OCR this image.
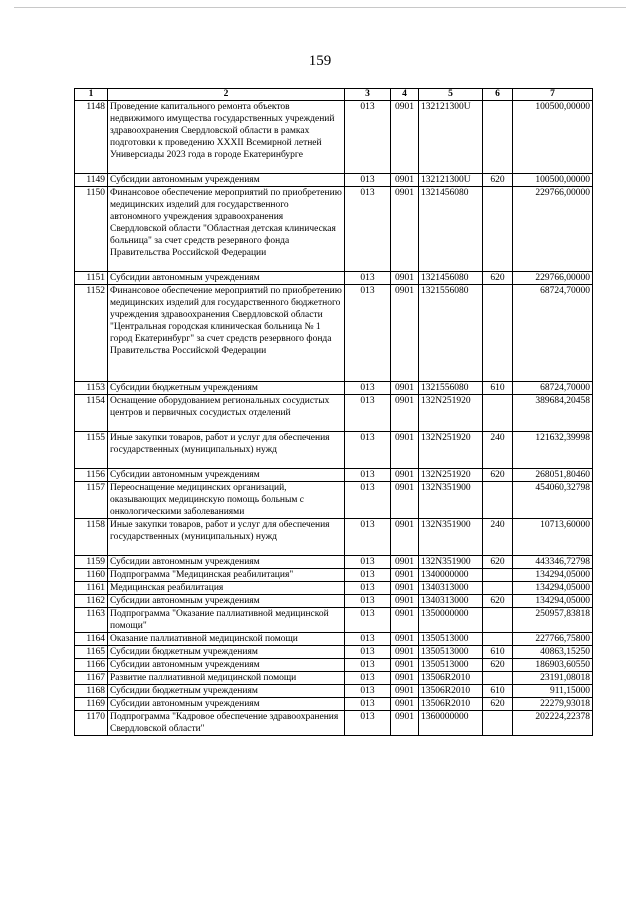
159
1	2	3	4	5	6	7
1148	Проведение капитального ремонта объектов недвижимого имущества государственных учреждений здравоохранения Свердловской области в рамках подготовки к проведению XXXII Всемирной летней Универсиады 2023 года в городе Екатеринбурге	013	0901	132121300U		100500,00000
1149	Субсидии автономным учреждениям	013	0901	132121300U	620	100500,00000
1150	Финансовое обеспечение мероприятий по приобретению медицинских изделий для государственного автономного учреждения здравоохранения Свердловской области "Областная детская клиническая больница" за счет средств резервного фонда Правительства Российской Федерации	013	0901	1321456080		229766,00000
1151	Субсидии автономным учреждениям	013	0901	1321456080	620	229766,00000
1152	Финансовое обеспечение мероприятий по приобретению медицинских изделий для государственного бюджетного учреждения здравоохранения Свердловской области "Центральная городская клиническая больница № 1 город Екатеринбург" за счет средств резервного фонда Правительства Российской Федерации	013	0901	1321556080		68724,70000
1153	Субсидии бюджетным учреждениям	013	0901	1321556080	610	68724,70000
1154	Оснащение оборудованием региональных сосудистых центров и первичных сосудистых отделений	013	0901	132N251920		389684,20458
1155	Иные закупки товаров, работ и услуг для обеспечения государственных (муниципальных) нужд	013	0901	132N251920	240	121632,39998
1156	Субсидии автономным учреждениям	013	0901	132N251920	620	268051,80460
1157	Переоснащение медицинских организаций, оказывающих медицинскую помощь больным с онкологическими заболеваниями	013	0901	132N351900		454060,32798
1158	Иные закупки товаров, работ и услуг для обеспечения государственных (муниципальных) нужд	013	0901	132N351900	240	10713,60000
1159	Субсидии автономным учреждениям	013	0901	132N351900	620	443346,72798
1160	Подпрограмма "Медицинская реабилитация"	013	0901	1340000000		134294,05000
1161	Медицинская реабилитация	013	0901	1340313000		134294,05000
1162	Субсидии автономным учреждениям	013	0901	1340313000	620	134294,05000
1163	Подпрограмма "Оказание паллиативной медицинской помощи"	013	0901	1350000000		250957,83818
1164	Оказание паллиативной медицинской помощи	013	0901	1350513000		227766,75800
1165	Субсидии бюджетным учреждениям	013	0901	1350513000	610	40863,15250
1166	Субсидии автономным учреждениям	013	0901	1350513000	620	186903,60550
1167	Развитие паллиативной медицинской помощи	013	0901	13506R2010		23191,08018
1168	Субсидии бюджетным учреждениям	013	0901	13506R2010	610	911,15000
1169	Субсидии автономным учреждениям	013	0901	13506R2010	620	22279,93018
1170	Подпрограмма "Кадровое обеспечение здравоохранения Свердловской области"	013	0901	1360000000		202224,22378
